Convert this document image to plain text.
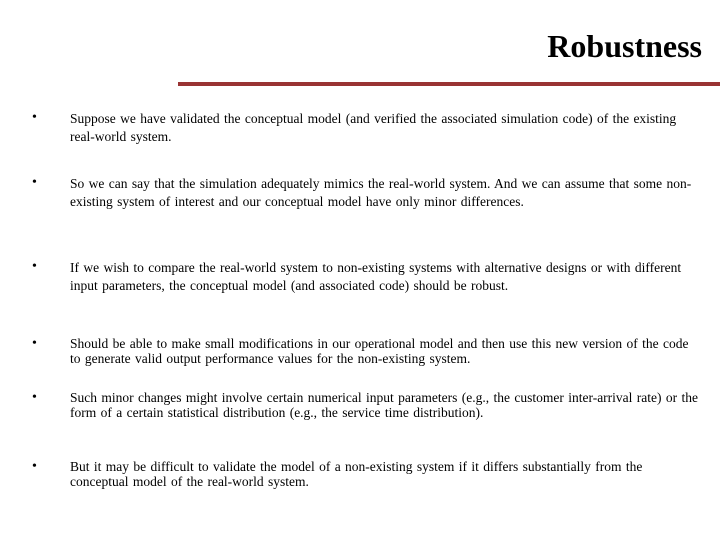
Robustness
• Suppose we have validated the conceptual model (and verified the associated simulation code) of the existing real-world system.

• So we can say that the simulation adequately mimics the real-world system. And we can assume that some non-existing system of interest and our conceptual model have only minor differences.

• If we wish to compare the real-world system to non-existing systems with alternative designs or with different input parameters, the conceptual model (and associated code) should be robust.

• Should be able to make small modifications in our operational model and then use this new version of the code to generate valid output performance values for the non-existing system.

• Such minor changes might involve certain numerical input parameters (e.g., the customer inter-arrival rate) or the form of a certain statistical distribution (e.g., the service time distribution).

• But it may be difficult to validate the model of a non-existing system if it differs substantially from the conceptual model of the real-world system.
